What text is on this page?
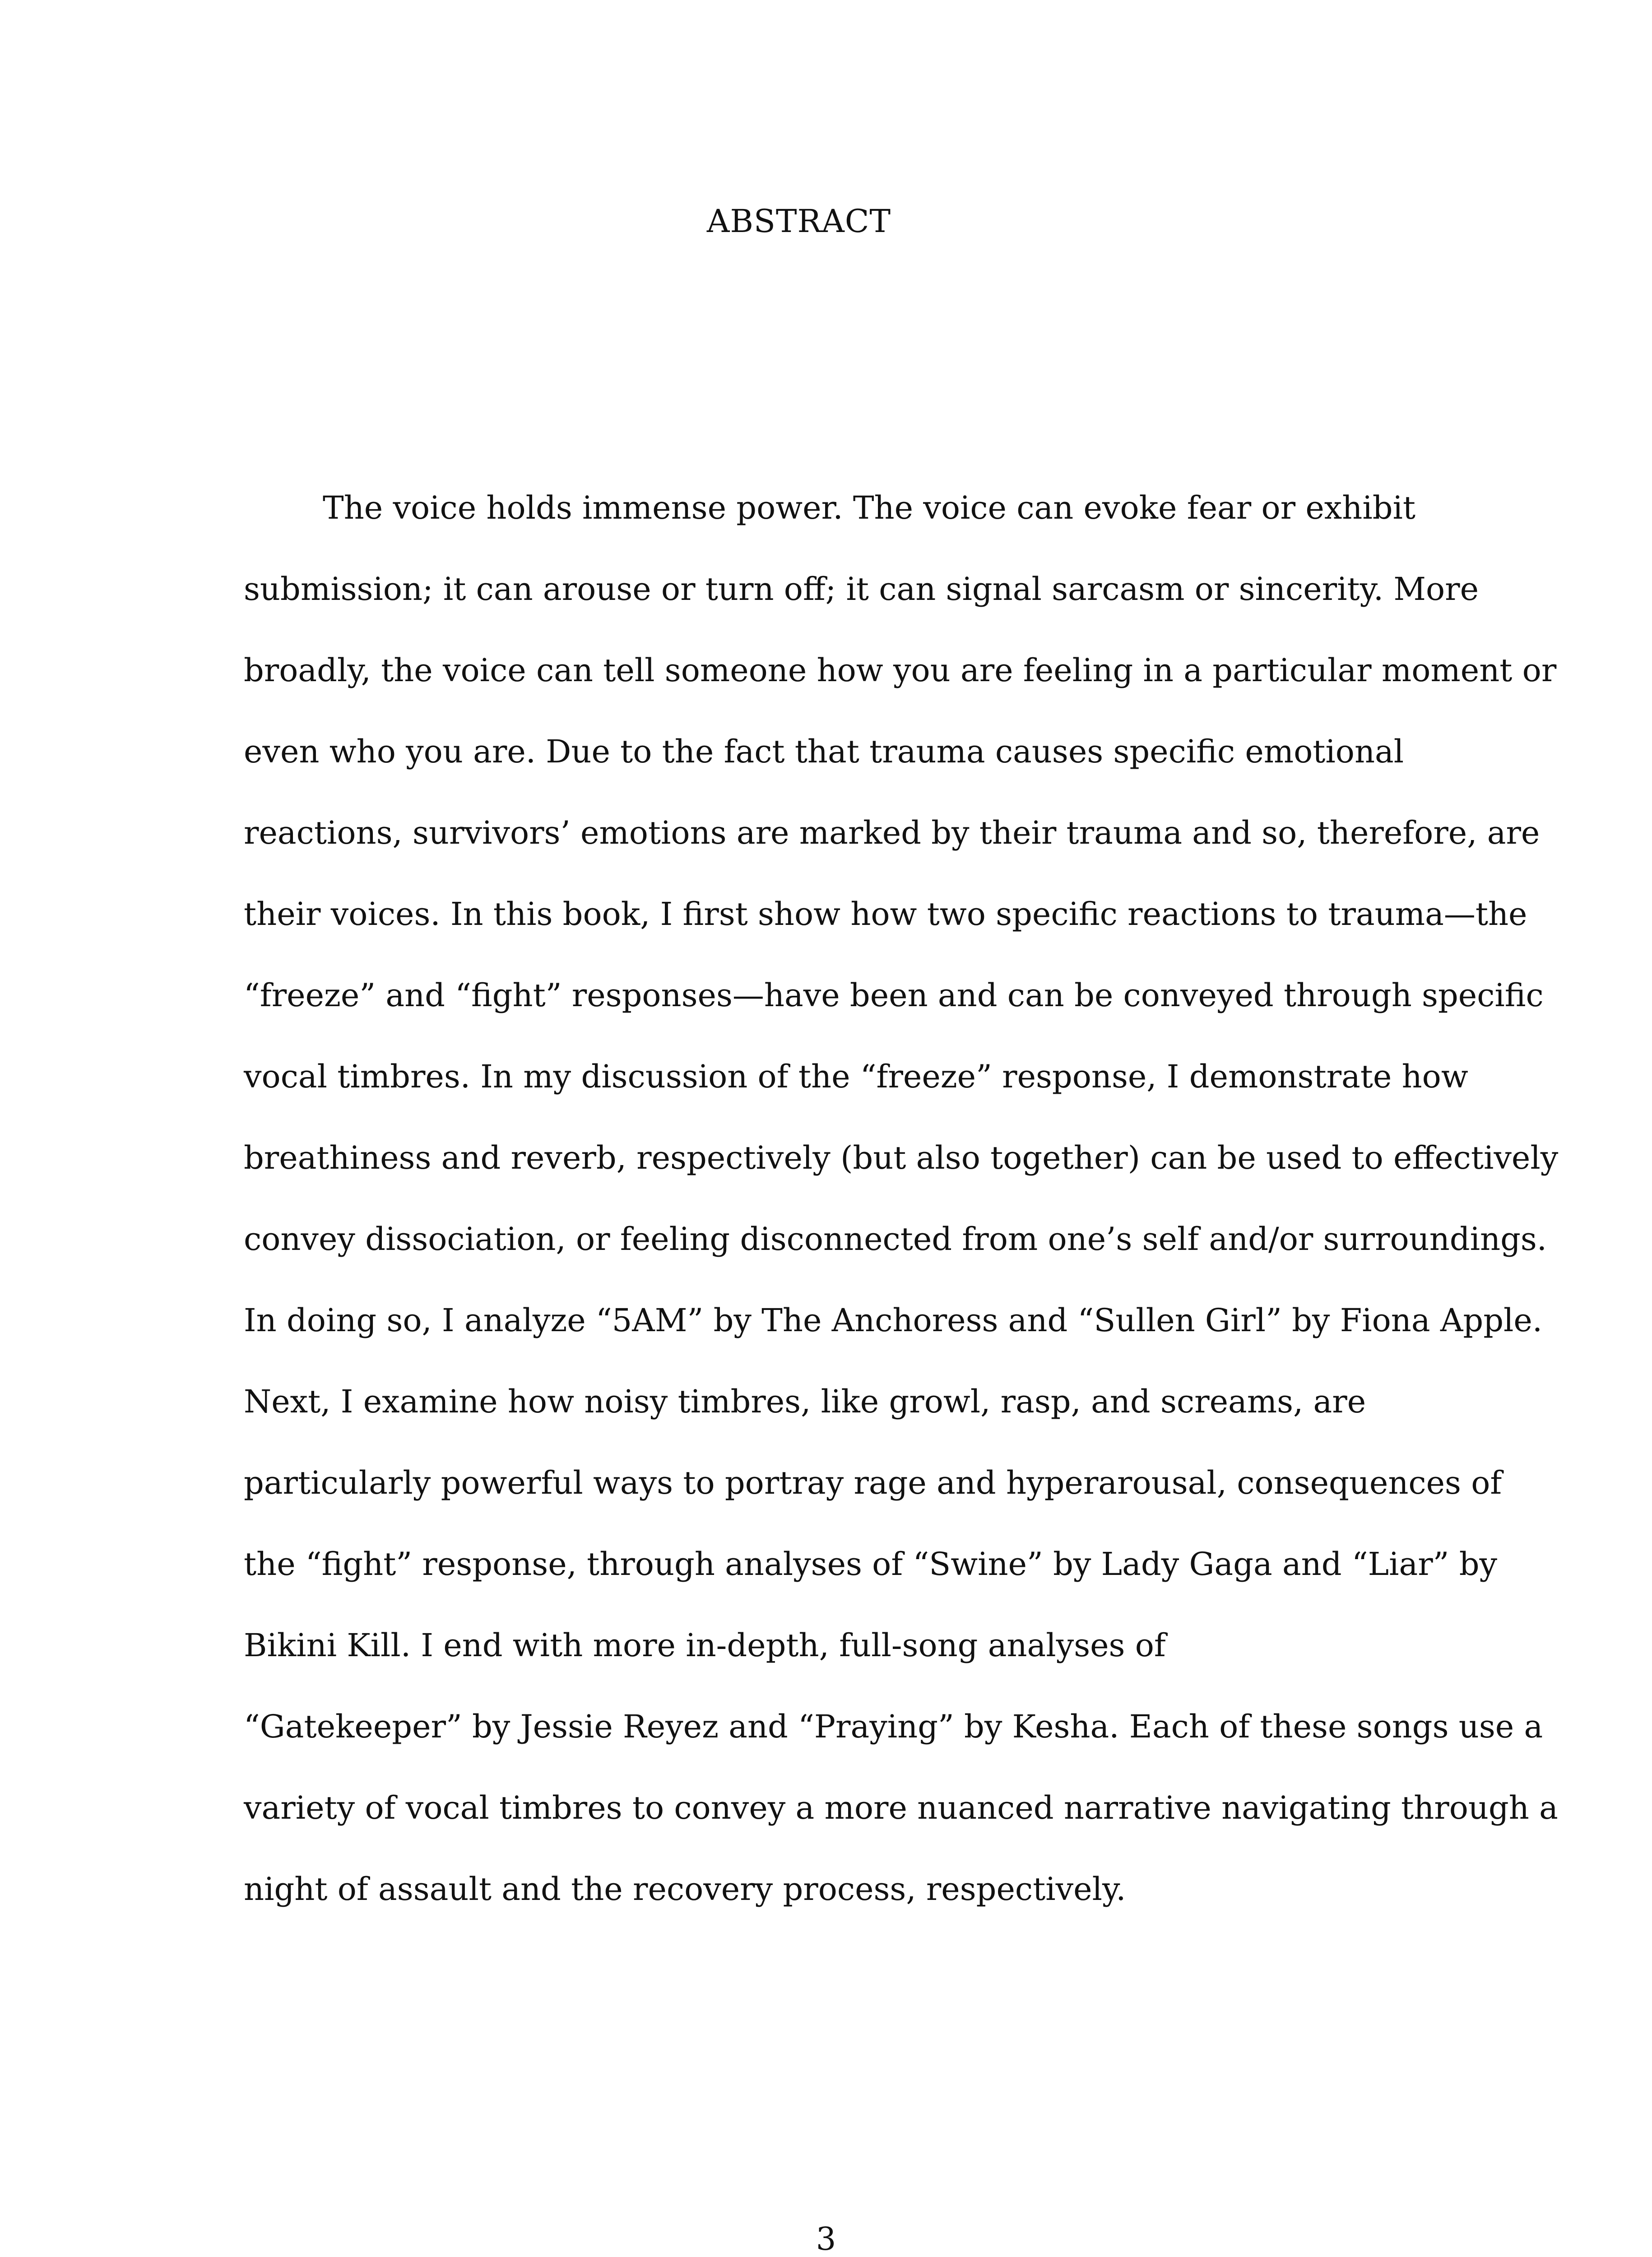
ABSTRACT
The voice holds immense power. The voice can evoke fear or exhibit
submission; it can arouse or turn off; it can signal sarcasm or sincerity. More
broadly, the voice can tell someone how you are feeling in a particular moment or
even who you are. Due to the fact that trauma causes specific emotional
reactions, survivors’ emotions are marked by their trauma and so, therefore, are
their voices. In this book, I first show how two specific reactions to trauma—the
“freeze” and “fight” responses—have been and can be conveyed through specific
vocal timbres. In my discussion of the “freeze” response, I demonstrate how
breathiness and reverb, respectively (but also together) can be used to effectively
convey dissociation, or feeling disconnected from one’s self and/or surroundings.
In doing so, I analyze “5AM” by The Anchoress and “Sullen Girl” by Fiona Apple.
Next, I examine how noisy timbres, like growl, rasp, and screams, are
particularly powerful ways to portray rage and hyperarousal, consequences of
the “fight” response, through analyses of “Swine” by Lady Gaga and “Liar” by
Bikini Kill. I end with more in-depth, full-song analyses of
“Gatekeeper” by Jessie Reyez and “Praying” by Kesha. Each of these songs use a
variety of vocal timbres to convey a more nuanced narrative navigating through a
night of assault and the recovery process, respectively.
3
